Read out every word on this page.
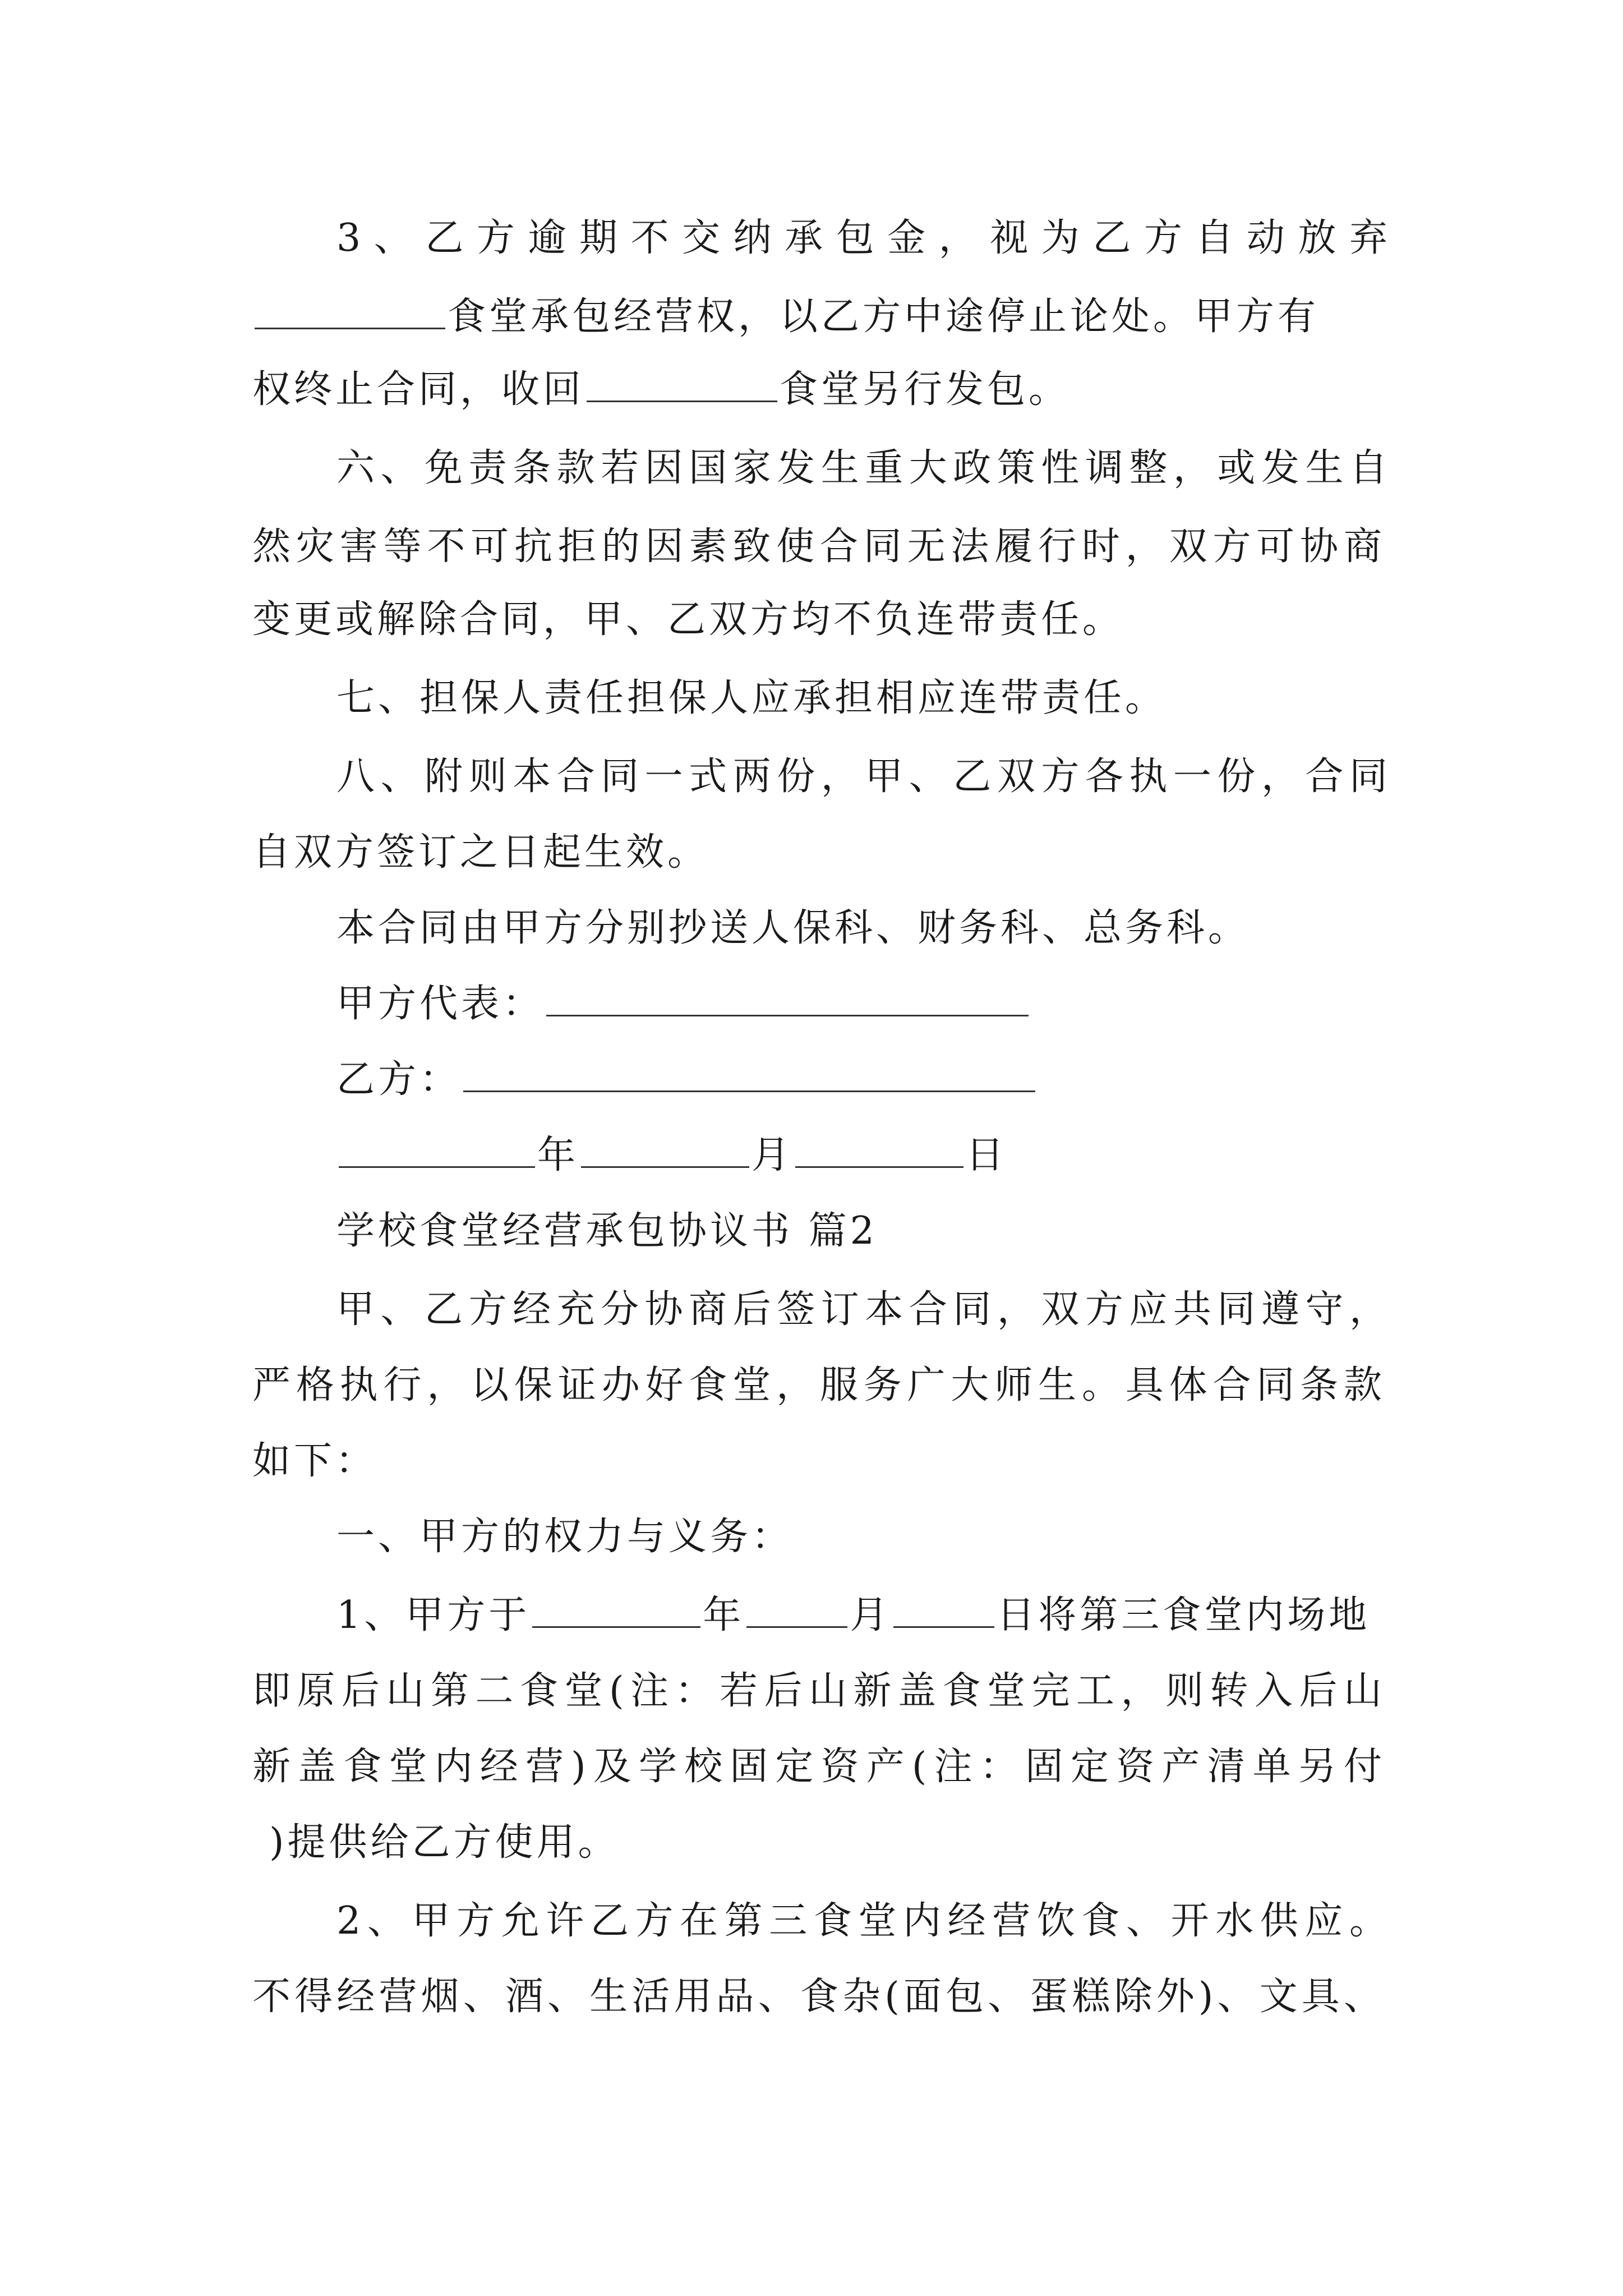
3、乙方逾期不交纳承包金，视为乙方自动放弃
食堂承包经营权，以乙方中途停止论处。甲方有
权终止合同，收回	食堂另行发包。
六、免责条款若因国家发生重大政策性调整，或发生自
然灾害等不可抗拒的因素致使合同无法履行时，双方可协商
变更或解除合同，甲、乙双方均不负连带责任。
七、担保人责任担保人应承担相应连带责任。
八、附则本合同一式两份，甲、乙双方各执一份，合同
自双方签订之日起生效。
本合同由甲方分别抄送人保科、财务科、总务科。
甲方代表：
乙方：
年	月	日
学校食堂经营承包协议书 篇2
甲、乙方经充分协商后签订本合同，双方应共同遵守，
严格执行，以保证办好食堂，服务广大师生。具体合同条款
如下：
一、甲方的权力与义务：
1、甲方于	年	月	日将第三食堂内场地
即原后山第二食堂(注：若后山新盖食堂完工，则转入后山
新盖食堂内经营)及学校固定资产(注：固定资产清单另付
)提供给乙方使用。
2、甲方允许乙方在第三食堂内经营饮食、开水供应。
不得经营烟、酒、生活用品、食杂(面包、蛋糕除外)、文具、
